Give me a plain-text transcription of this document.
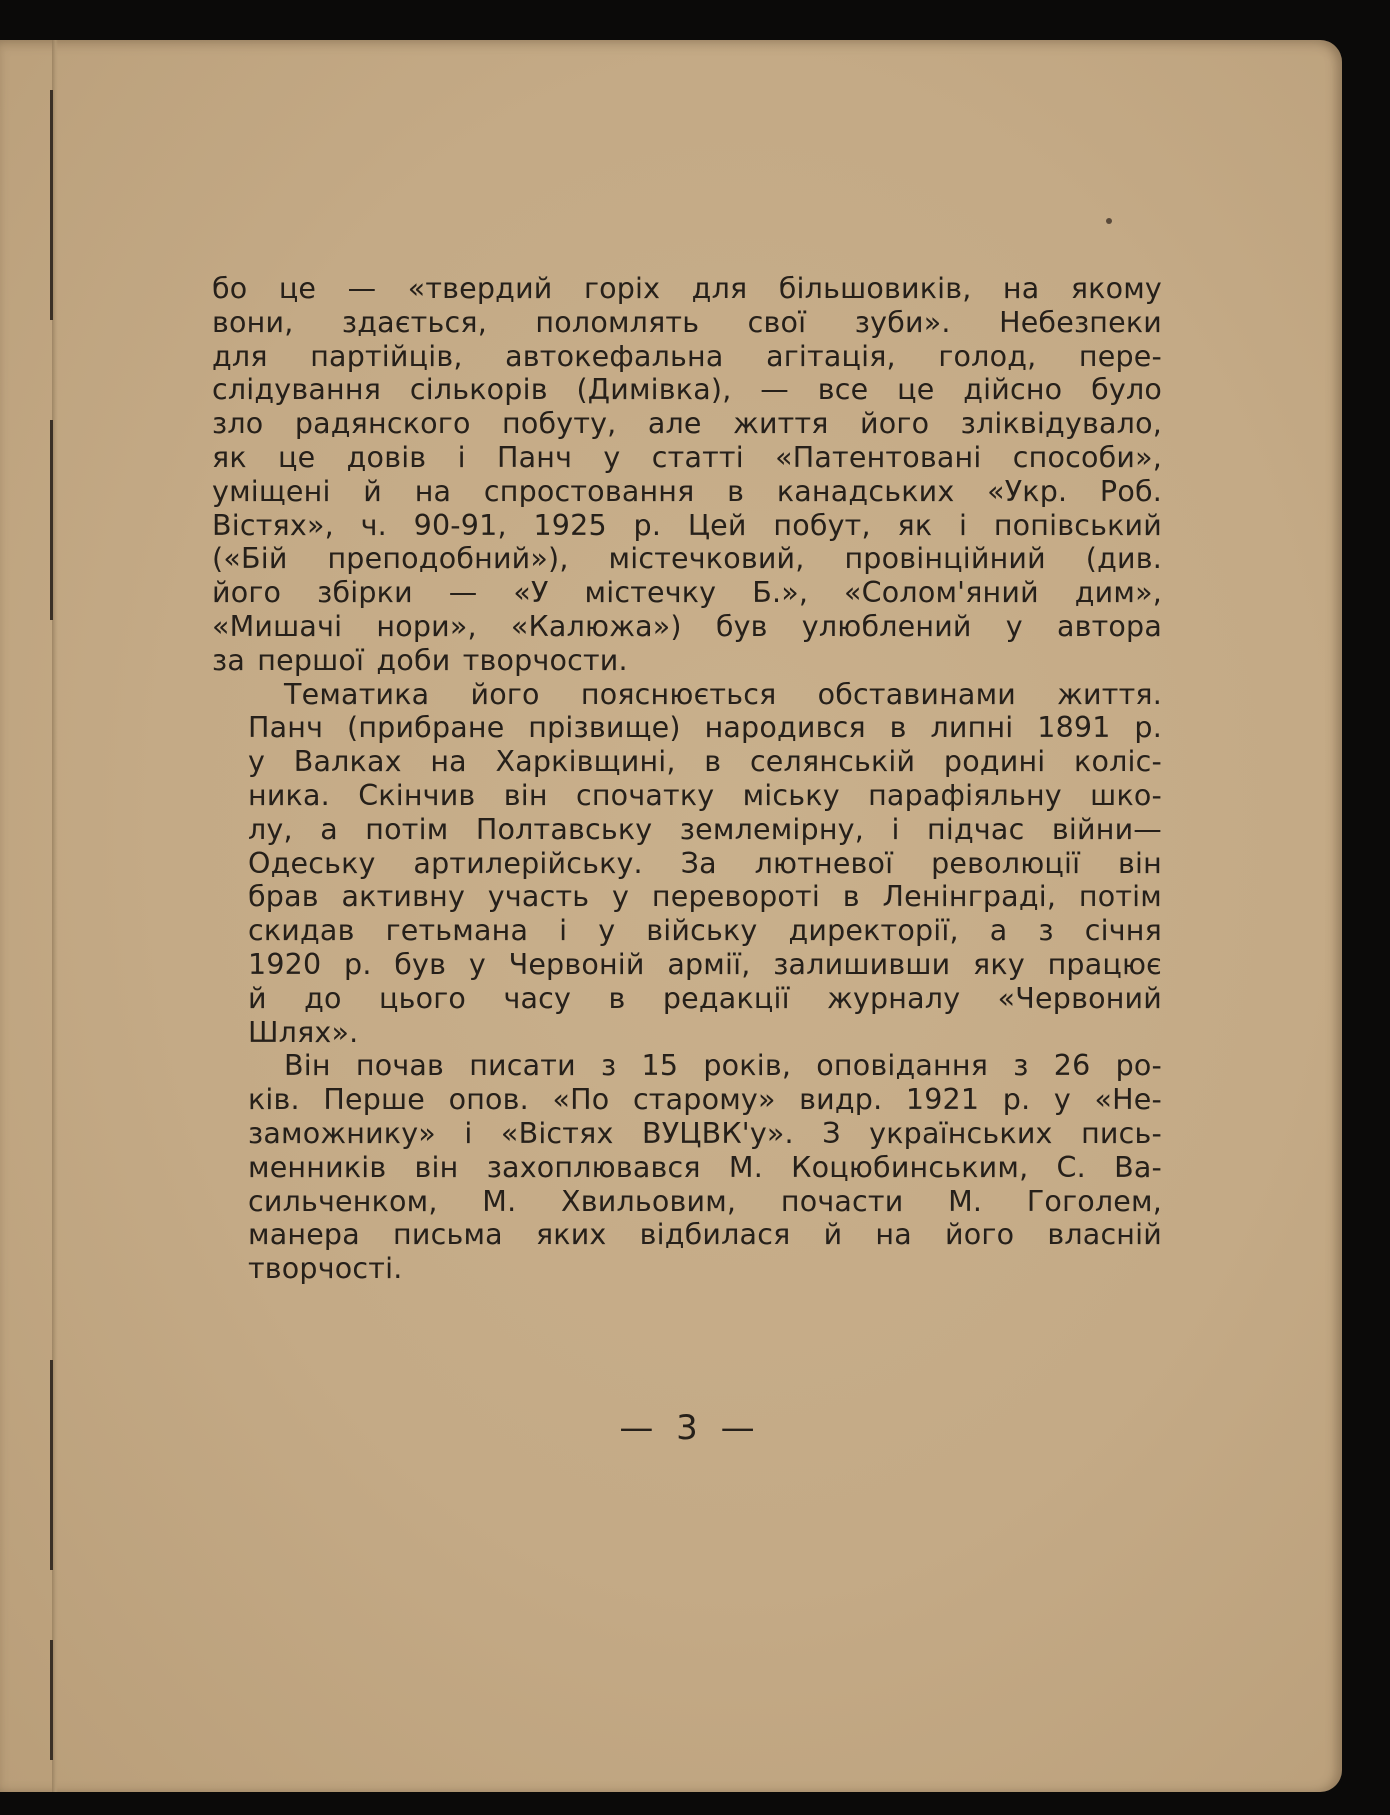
бо це — «твердий горіх для більшовиків, на якому
вони, здається, поломлять свої зуби». Небезпеки
для партійців, автокефальна агітація, голод, пере-
слідування сількорів (Димівка), — все це дійсно було
зло радянского побуту, але життя його зліквідувало,
як це довів і Панч у статті «Патентовані способи»,
уміщені й на спростовання в канадських «Укр. Роб.
Вістях», ч. 90-91, 1925 р. Цей побут, як і попівський
(«Бій преподобний»), містечковий, провінційний (див.
його збірки — «У містечку Б.», «Солом'яний дим»,
«Мишачі нори», «Калюжа») був улюблений у автора
за першої доби творчости.
Тематика його пояснюється обставинами життя.
Панч (прибране прізвище) народився в липні 1891 р.
у Валках на Харківщині, в селянській родині коліс-
ника. Скінчив він спочатку міську парафіяльну шко-
лу, а потім Полтавську землемірну, і підчас війни—
Одеську артилерійську. За лютневої революції він
брав активну участь у перевороті в Ленінграді, потім
скидав гетьмана і у війську директорії, а з січня
1920 р. був у Червоній армії, залишивши яку працює
й до цього часу в редакції журналу «Червоний
Шлях».
Він почав писати з 15 років, оповідання з 26 ро-
ків. Перше опов. «По старому» видр. 1921 р. у «Не-
заможнику» і «Вістях ВУЦВК'у». З українських пись-
менників він захоплювався М. Коцюбинським, С. Ва-
сильченком, М. Хвильовим, почасти М. Гоголем,
манера письма яких відбилася й на його власній
творчості.
— 3 —
